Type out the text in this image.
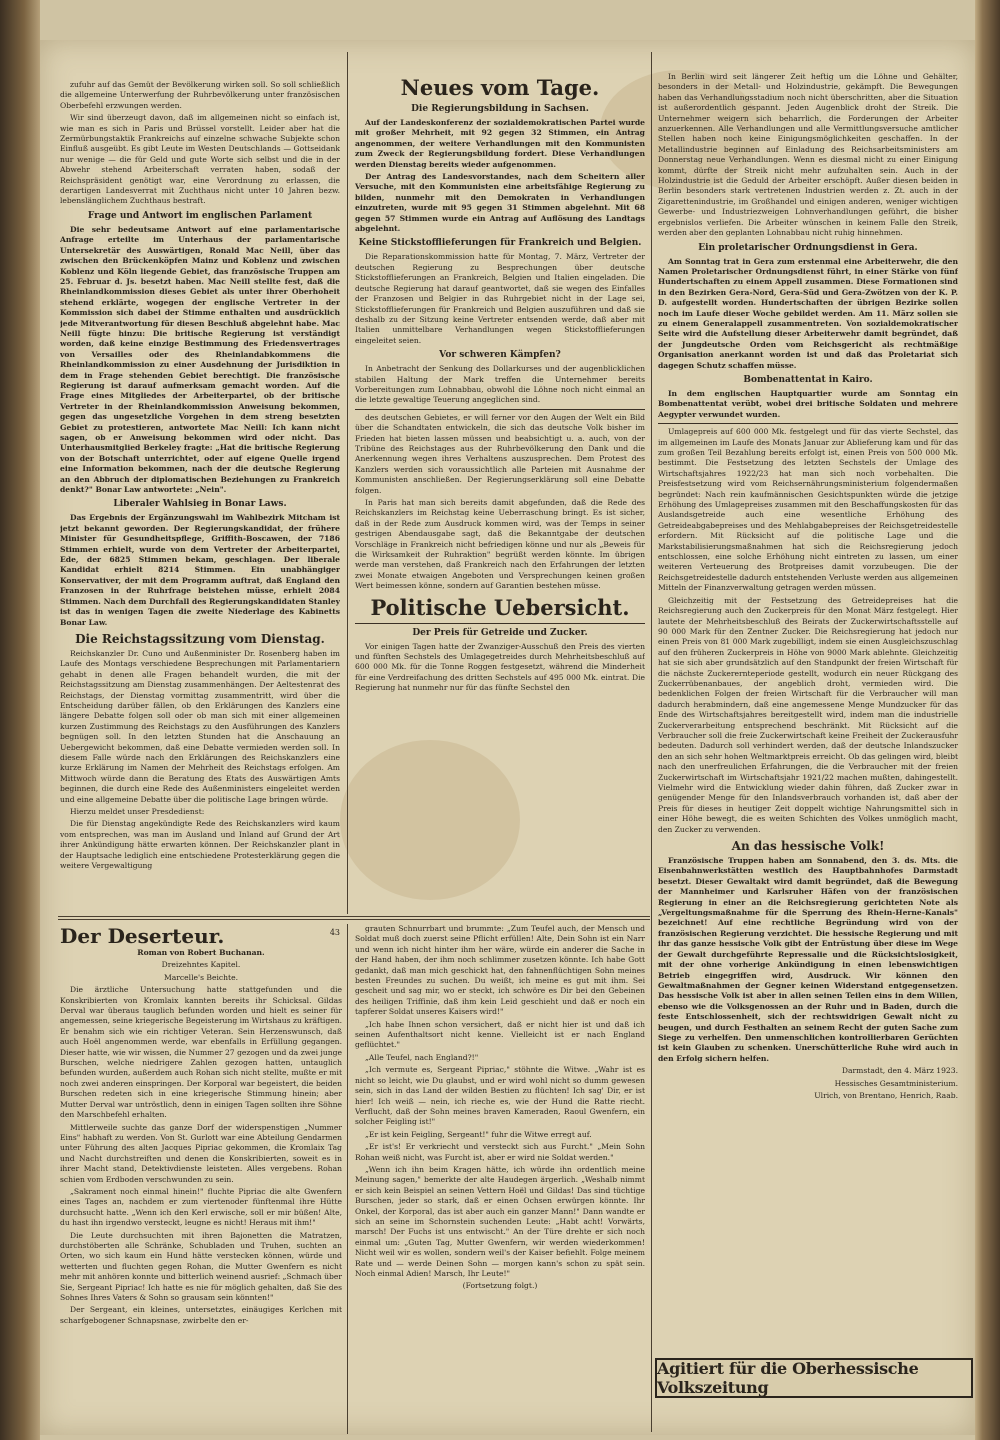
zufuhr auf das Gemüt der Bevölkerung wirken soll. So soll schließlich die allgemeine Unterwerfung der Ruhrbevölkerung unter französischen Oberbefehl erzwungen werden.

Wir sind überzeugt davon, daß im allgemeinen nicht so einfach ist, wie man es sich in Paris und Brüssel vorstellt. Leider aber hat die Zermürbungstaktik Frankreichs auf einzelne schwache Subjekte schon Einfluß ausgeübt. Es gibt Leute im Westen Deutschlands — Gottseidank nur wenige — die für Geld und gute Worte sich selbst und die in der Abwehr stehend Arbeiterschaft verraten haben, sodaß der Reichspräsident genötigt war, eine Verordnung zu erlassen, die derartigen Landesverrat mit Zuchthaus nicht unter 10 Jahren bezw. lebenslänglichem Zuchthaus bestraft.

Frage und Antwort im englischen Parlament

Die sehr bedeutsame Antwort auf eine parlamentarische Anfrage erteilte im Unterhaus der parlamentarische Untersekretär des Auswärtigen, Ronald Mac Neill, über das zwischen den Brückenköpfen Mainz und Koblenz und zwischen Koblenz und Köln liegende Gebiet, das französische Truppen am 25. Februar d. Js. besetzt haben. Mac Neill stellte fest, daß die Rheinlandkommission dieses Gebiet als unter ihrer Oberhoheit stehend erklärte, wogegen der englische Vertreter in der Kommission sich dabei der Stimme enthalten und ausdrücklich jede Mitverantwortung für diesen Beschluß abgelehnt habe. Mac Neill fügte hinzu: Die britische Regierung ist verständigt worden, daß keine einzige Bestimmung des Friedensvertrages von Versailles oder des Rheinlandabkommens die Rheinlandkommission zu einer Ausdehnung der Jurisdiktion in dem in Frage stehenden Gebiet berechtigt. Die französische Regierung ist darauf aufmerksam gemacht worden. Auf die Frage eines Mitgliedes der Arbeiterpartei, ob der britische Vertreter in der Rheinlandkommission Anweisung bekommen, gegen das ungesetzliche Vorgehen in dem streng besetzten Gebiet zu protestieren, antwortete Mac Neill: Ich kann nicht sagen, ob er Anweisung bekommen wird oder nicht. Das Unterhausmitglied Berkeley fragte: „Hat die britische Regierung von der Botschaft unterrichtet, oder auf eigene Quelle irgend eine Information bekommen, nach der die deutsche Regierung an den Abbruch der diplomatischen Beziehungen zu Frankreich denkt?" Bonar Law antwortete: „Nein".

Liberaler Wahlsieg in Bonar Laws.

Das Ergebnis der Ergänzungswahl im Wahlbezirk Mitcham ist jetzt bekannt geworden. Der Regierungskandidat, der frühere Minister für Gesundheitspflege, Griffith-Boscawen, der 7186 Stimmen erhielt, wurde von dem Vertreter der Arbeiterpartei, Ede, der 6825 Stimmen bekam, geschlagen. Der liberale Kandidat erhielt 8214 Stimmen. Ein unabhängiger Konservativer, der mit dem Programm auftrat, daß England den Franzosen in der Ruhrfrage beistehen müsse, erhielt 2084 Stimmen. Nach dem Durchfall des Regierungskandidaten Stanley ist das in wenigen Tagen die zweite Niederlage des Kabinetts Bonar Law.

Die Reichstagssitzung vom Dienstag.

Reichskanzler Dr. Cuno und Außenminister Dr. Rosenberg haben im Laufe des Montags verschiedene Besprechungen mit Parlamentariern gehabt in denen alle Fragen behandelt wurden, die mit der Reichstagssitzung am Dienstag zusammenhängen. Der Aeltestenrat des Reichstags, der Dienstag vormittag zusammentritt, wird über die Entscheidung darüber fällen, ob den Erklärungen des Kanzlers eine längere Debatte folgen soll oder ob man sich mit einer allgemeinen kurzen Zustimmung des Reichstags zu den Ausführungen des Kanzlers begnügen soll. In den letzten Stunden hat die Anschauung an Uebergewicht bekommen, daß eine Debatte vermieden werden soll. In diesem Falle würde nach den Erklärungen des Reichskanzlers eine kurze Erklärung im Namen der Mehrheit des Reichstags erfolgen. Am Mittwoch würde dann die Beratung des Etats des Auswärtigen Amts beginnen, die durch eine Rede des Außenministers eingeleitet werden und eine allgemeine Debatte über die politische Lage bringen würde.

Hierzu meldet unser Presdedienst:

Die für Dienstag angekündigte Rede des Reichskanzlers wird kaum vom entsprechen, was man im Ausland und Inland auf Grund der Art ihrer Ankündigung hätte erwarten können. Der Reichskanzler plant in der Hauptsache lediglich eine entschiedene Protesterklärung gegen die weitere Vergewaltigung

Neues vom Tage.
Die Regierungsbildung in Sachsen.

Auf der Landeskonferenz der sozialdemokratischen Partei wurde mit großer Mehrheit, mit 92 gegen 32 Stimmen, ein Antrag angenommen, der weitere Verhandlungen mit den Kommunisten zum Zweck der Regierungsbildung fordert. Diese Verhandlungen werden Dienstag bereits wieder aufgenommen.

Der Antrag des Landesvorstandes, nach dem Scheitern aller Versuche, mit den Kommunisten eine arbeitsfähige Regierung zu bilden, nunmehr mit den Demokraten in Verhandlungen einzutreten, wurde mit 95 gegen 31 Stimmen abgelehnt. Mit 68 gegen 57 Stimmen wurde ein Antrag auf Auflösung des Landtags abgelehnt.

Keine Stickstofflieferungen für Frankreich und Belgien.

Die Reparationskommission hatte für Montag, 7. März, Vertreter der deutschen Regierung zu Besprechungen über deutsche Stickstofflieferungen an Frankreich, Belgien und Italien eingeladen. Die deutsche Regierung hat darauf geantwortet, daß sie wegen des Einfalles der Franzosen und Belgier in das Ruhrgebiet nicht in der Lage sei, Stickstofflieferungen für Frankreich und Belgien auszuführen und daß sie deshalb zu der Sitzung keine Vertreter entsenden werde, daß aber mit Italien unmittelbare Verhandlungen wegen Stickstofflieferungen eingeleitet seien.

Vor schweren Kämpfen?

In Anbetracht der Senkung des Dollarkurses und der augenblicklichen stabilen Haltung der Mark treffen die Unternehmer bereits Vorbereitungen zum Lohnabbau, obwohl die Löhne noch nicht einmal an die letzte gewaltige Teuerung angeglichen sind.

des deutschen Gebietes, er will ferner vor den Augen der Welt ein Bild über die Schandtaten entwickeln, die sich das deutsche Volk bisher im Frieden hat bieten lassen müssen und beabsichtigt u. a. auch, von der Tribüne des Reichstages aus der Ruhrbevölkerung den Dank und die Anerkennung wegen ihres Verhaltens auszusprechen. Dem Protest des Kanzlers werden sich voraussichtlich alle Parteien mit Ausnahme der Kommunisten anschließen. Der Regierungserklärung soll eine Debatte folgen.

In Paris hat man sich bereits damit abgefunden, daß die Rede des Reichskanzlers im Reichstag keine Ueberraschung bringt. Es ist sicher, daß in der Rede zum Ausdruck kommen wird, was der Temps in seiner gestrigen Abendausgabe sagt, daß die Bekanntgabe der deutschen Vorschläge in Frankreich nicht befriedigen könne und nur als „Beweis für die Wirksamkeit der Ruhraktion" begrüßt werden könnte. Im übrigen werde man verstehen, daß Frankreich nach den Erfahrungen der letzten zwei Monate etwaigen Angeboten und Versprechungen keinen großen Wert beimessen könne, sondern auf Garantien bestehen müsse.

Politische Uebersicht.
Der Preis für Getreide und Zucker.

Vor einigen Tagen hatte der Zwanziger-Ausschuß den Preis des vierten und fünften Sechstels des Umlagegetreides durch Mehrheitsbeschluß auf 600 000 Mk. für die Tonne Roggen festgesetzt, während die Minderheit für eine Verdreifachung des dritten Sechstels auf 495 000 Mk. eintrat. Die Regierung hat nunmehr nur für das fünfte Sechstel den

In Berlin wird seit längerer Zeit heftig um die Löhne und Gehälter, besonders in der Metall- und Holzindustrie, gekämpft. Die Bewegungen haben das Verhandlungsstadium noch nicht überschritten, aber die Situation ist außerordentlich gespannt. Jeden Augenblick droht der Streik. Die Unternehmer weigern sich beharrlich, die Forderungen der Arbeiter anzuerkennen. Alle Verhandlungen und alle Vermittlungsversuche amtlicher Stellen haben noch keine Einigungsmöglichkeiten geschaffen. In der Metallindustrie beginnen auf Einladung des Reichsarbeitsministers am Donnerstag neue Verhandlungen. Wenn es diesmal nicht zu einer Einigung kommt, dürfte der Streik nicht mehr aufzuhalten sein. Auch in der Holzindustrie ist die Geduld der Arbeiter erschöpft. Außer diesen beiden in Berlin besonders stark vertretenen Industrien werden z. Zt. auch in der Zigarettenindustrie, im Großhandel und einigen anderen, weniger wichtigen Gewerbe- und Industriezweigen Lohnverhandlungen geführt, die bisher ergebnislos verliefen. Die Arbeiter wünschen in keinem Falle den Streik, werden aber den geplanten Lohnabbau nicht ruhig hinnehmen.

Ein proletarischer Ordnungsdienst in Gera.

Am Sonntag trat in Gera zum erstenmal eine Arbeiterwehr, die den Namen Proletarischer Ordnungsdienst führt, in einer Stärke von fünf Hundertschaften zu einem Appell zusammen. Diese Formationen sind in den Bezirken Gera-Nord, Gera-Süd und Gera-Zwötzen von der K. P. D. aufgestellt worden. Hundertschaften der übrigen Bezirke sollen noch im Laufe dieser Woche gebildet werden. Am 11. März sollen sie zu einem Generalappell zusammentreten. Von sozialdemokratischer Seite wird die Aufstellung dieser Arbeiterwehr damit begründet, daß der Jungdeutsche Orden vom Reichsgericht als rechtmäßige Organisation anerkannt worden ist und daß das Proletariat sich dagegen Schutz schaffen müsse.

Bombenattentat in Kairo.

In dem englischen Hauptquartier wurde am Sonntag ein Bombenattentat verübt, wobei drei britische Soldaten und mehrere Aegypter verwundet wurden.

Umlagepreis auf 600 000 Mk. festgelegt und für das vierte Sechstel, das im allgemeinen im Laufe des Monats Januar zur Ablieferung kam und für das zum großen Teil Bezahlung bereits erfolgt ist, einen Preis von 500 000 Mk. bestimmt. Die Festsetzung des letzten Sechstels der Umlage des Wirtschaftsjahres 1922/23 hat man sich noch vorbehalten. Die Preisfestsetzung wird vom Reichsernährungsministerium folgendermaßen begründet: Nach rein kaufmännischen Gesichtspunkten würde die jetzige Erhöhung des Umlagepreises zusammen mit den Beschaffungskosten für das Auslandsgetreide auch eine wesentliche Erhöhung des Getreideabgabepreises und des Mehlabgabepreises der Reichsgetreidestelle erfordern. Mit Rücksicht auf die politische Lage und die Markstabilisierungsmaßnahmen hat sich die Reichsregierung jedoch entschlossen, eine solche Erhöhung nicht eintreten zu lassen, um einer weiteren Verteuerung des Brotpreises damit vorzubeugen. Die der Reichsgetreidestelle dadurch entstehenden Verluste werden aus allgemeinen Mitteln der Finanzverwaltung getragen werden müssen.

Gleichzeitig mit der Festsetzung des Getreidepreises hat die Reichsregierung auch den Zuckerpreis für den Monat März festgelegt. Hier lautete der Mehrheitsbeschluß des Beirats der Zuckerwirtschaftsstelle auf 90 000 Mark für den Zentner Zucker. Die Reichsregierung hat jedoch nur einen Preis von 81 000 Mark zugebilligt, indem sie einen Ausgleichszuschlag auf den früheren Zuckerpreis in Höhe von 9000 Mark ablehnte. Gleichzeitig hat sie sich aber grundsätzlich auf den Standpunkt der freien Wirtschaft für die nächste Zuckerernteperiode gestellt, wodurch ein neuer Rückgang des Zuckerrübenanbaues, der angeblich droht, vermieden wird. Die bedenklichen Folgen der freien Wirtschaft für die Verbraucher will man dadurch herabmindern, daß eine angemessene Menge Mundzucker für das Ende des Wirtschaftsjahres bereitgestellt wird, indem man die industrielle Zuckerverarbeitung entsprechend beschränkt. Mit Rücksicht auf die Verbraucher soll die freie Zuckerwirtschaft keine Freiheit der Zuckerausfuhr bedeuten. Dadurch soll verhindert werden, daß der deutsche Inlandszucker den an sich sehr hohen Weltmarktpreis erreicht. Ob das gelingen wird, bleibt nach den unerfreulichen Erfahrungen, die die Verbraucher mit der freien Zuckerwirtschaft im Wirtschaftsjahr 1921/22 machen mußten, dahingestellt. Vielmehr wird die Entwicklung wieder dahin führen, daß Zucker zwar in genügender Menge für den Inlandsverbrauch vorhanden ist, daß aber der Preis für dieses in heutiger Zeit doppelt wichtige Nahrungsmittel sich in einer Höhe bewegt, die es weiten Schichten des Volkes unmöglich macht, den Zucker zu verwenden.

An das hessische Volk!

Französische Truppen haben am Sonnabend, den 3. ds. Mts. die Eisenbahnwerkstätten westlich des Hauptbahnhofes Darmstadt besetzt. Dieser Gewaltakt wird damit begründet, daß die Bewegung der Mannheimer und Karlsruher Häfen von der französischen Regierung in einer an die Reichsregierung gerichteten Note als „Vergeltungsmaßnahme für die Sperrung des Rhein-Herne-Kanals" bezeichnet! Auf eine rechtliche Begründung wird von der französischen Regierung verzichtet. Die hessische Regierung und mit ihr das ganze hessische Volk gibt der Entrüstung über diese im Wege der Gewalt durchgeführte Repressalie und die Rücksichtslosigkeit, mit der ohne vorherige Ankündigung in einen lebenswichtigen Betrieb eingegriffen wird, Ausdruck. Wir können den Gewaltmaßnahmen der Gegner keinen Widerstand entgegensetzen. Das hessische Volk ist aber in allen seinen Teilen eins in dem Willen, ebenso wie die Volksgenossen an der Ruhr und in Baden, durch die feste Entschlossenheit, sich der rechtswidrigen Gewalt nicht zu beugen, und durch Festhalten an seinem Recht der guten Sache zum Siege zu verhelfen. Den unmenschlichen kontrollierbaren Gerüchten ist kein Glauben zu schenken. Unerschütterliche Ruhe wird auch in den Erfolg sichern helfen.

Darmstadt, den 4. März 1923.

Hessisches Gesamtministerium.

Ulrich, von Brentano, Henrich, Raab.

Agitiert für die Oberhessische Volkszeitung
Der Deserteur.	43

Roman von Robert Buchanan.

Dreizehntes Kapitel.

Marcelle's Beichte.

Die ärztliche Untersuchung hatte stattgefunden und die Konskribierten von Kromlaix kannten bereits ihr Schicksal. Gildas Derval war überaus tauglich befunden worden und hielt es seiner für angemessen, seine kriegerische Begeisterung im Wirtshaus zu kräftigen. Er benahm sich wie ein richtiger Veteran. Sein Herzenswunsch, daß auch Hoël angenommen werde, war ebenfalls in Erfüllung gegangen. Dieser hatte, wie wir wissen, die Nummer 27 gezogen und da zwei junge Burschen, welche niedrigere Zahlen gezogen hatten, untauglich befunden wurden, außerdem auch Rohan sich nicht stellte, mußte er mit noch zwei anderen einspringen. Der Korporal war begeistert, die beiden Burschen redeten sich in eine kriegerische Stimmung hinein; aber Mutter Derval war untröstlich, denn in einigen Tagen sollten ihre Söhne den Marschbefehl erhalten.

Mittlerweile suchte das ganze Dorf der widerspenstigen „Nummer Eins" habhaft zu werden. Von St. Gurlott war eine Abteilung Gendarmen unter Führung des alten Jacques Pipriac gekommen, die Kromlaix Tag und Nacht durchstreiften und denen die Konskribierten, soweit es in ihrer Macht stand, Detektivdienste leisteten. Alles vergebens. Rohan schien vom Erdboden verschwunden zu sein.

„Sakrament noch einmal hinein!" fluchte Pipriac die alte Gwenfern eines Tages an, nachdem er zum viertenoder fünftenmal ihre Hütte durchsucht hatte. „Wenn ich den Kerl erwische, soll er mir büßen! Alte, du hast ihn irgendwo versteckt, leugne es nicht! Heraus mit ihm!"

Die Leute durchsuchten mit ihren Bajonetten die Matratzen, durchstöberten alle Schränke, Schubladen und Truhen, suchten an Orten, wo sich kaum ein Hund hätte verstecken können, würde und wetterten und fluchten gegen Rohan, die Mutter Gwenfern es nicht mehr mit anhören konnte und bitterlich weinend ausrief: „Schmach über Sie, Sergeant Pipriac! Ich hatte es nie für möglich gehalten, daß Sie des Sohnes Ihres Vaters & Sohn so grausam sein könnten!"

Der Sergeant, ein kleines, untersetztes, einäugiges Kerlchen mit scharfgebogener Schnapsnase, zwirbelte den er-

grauten Schnurrbart und brummte: „Zum Teufel auch, der Mensch und Soldat muß doch zuerst seine Pflicht erfüllen! Alte, Dein Sohn ist ein Narr und wenn ich nicht hinter ihm her wäre, würde ein anderer die Sache in der Hand haben, der ihm noch schlimmer zusetzen könnte. Ich habe Gott gedankt, daß man mich geschickt hat, den fahnenflüchtigen Sohn meines besten Freundes zu suchen. Du weißt, ich meine es gut mit ihm. Sei gescheit und sag mir, wo er steckt, ich schwöre es Dir bei den Gebeinen des heiligen Triffinie, daß ihm kein Leid geschieht und daß er noch ein tapferer Soldat unseres Kaisers wird!"

„Ich habe Ihnen schon versichert, daß er nicht hier ist und daß ich seinen Aufenthaltsort nicht kenne. Vielleicht ist er nach England geflüchtet."

„Alle Teufel, nach England?!"

„Ich vermute es, Sergeant Pipriac," stöhnte die Witwe. „Wahr ist es nicht so leicht, wie Du glaubst, und er wird wohl nicht so dumm gewesen sein, sich in das Land der wilden Bestien zu flüchten! Ich sag' Dir, er ist hier! Ich weiß — nein, ich rieche es, wie der Hund die Ratte riecht. Verflucht, daß der Sohn meines braven Kameraden, Raoul Gwenfern, ein solcher Feigling ist!"

„Er ist kein Feigling, Sergeant!" fuhr die Witwe erregt auf.

„Er ist's! Er verkriecht und versteckt sich aus Furcht." „Mein Sohn Rohan weiß nicht, was Furcht ist, aber er wird nie Soldat werden."

„Wenn ich ihn beim Kragen hätte, ich würde ihn ordentlich meine Meinung sagen," bemerkte der alte Haudegen ärgerlich. „Weshalb nimmt er sich kein Beispiel an seinen Vettern Hoël und Gildas! Das sind tüchtige Burschen, jeder so stark, daß er einen Ochsen erwürgen könnte. Ihr Onkel, der Korporal, das ist aber auch ein ganzer Mann!" Dann wandte er sich an seine im Schornstein suchenden Leute: „Habt acht! Vorwärts, marsch! Der Fuchs ist uns entwischt." An der Türe drehte er sich noch einmal um: „Guten Tag, Mutter Gwenfern, wir werden wiederkommen! Nicht weil wir es wollen, sondern weil's der Kaiser befiehlt. Folge meinem Rate und — werde Deinen Sohn — morgen kann's schon zu spät sein. Noch einmal Adien! Marsch, Ihr Leute!"

(Fortsetzung folgt.)
